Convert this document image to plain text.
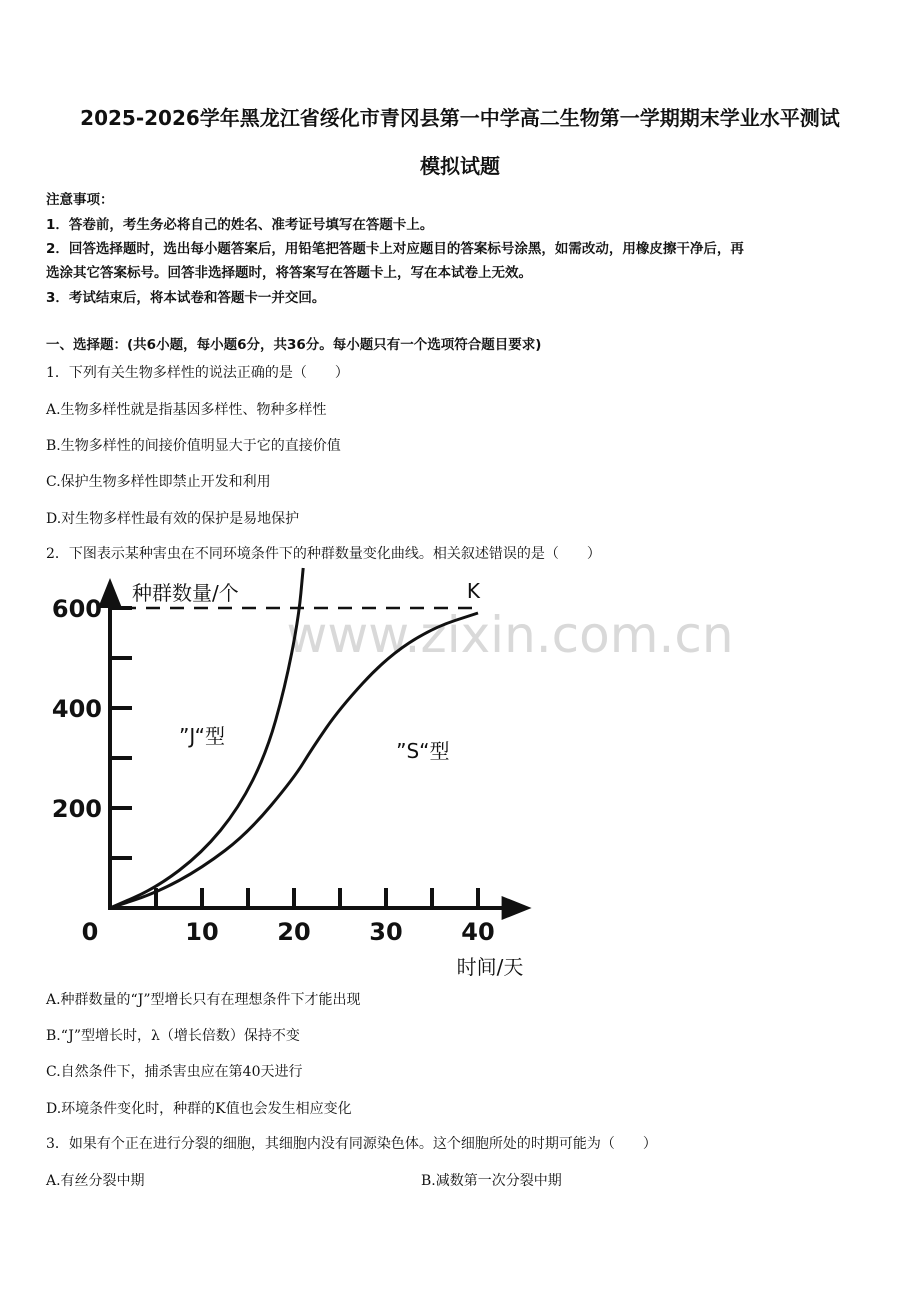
2025-2026学年黑龙江省绥化市青冈县第一中学高二生物第一学期期末学业水平测试
模拟试题
注意事项：
1．答卷前，考生务必将自己的姓名、准考证号填写在答题卡上。
2．回答选择题时，选出每小题答案后，用铅笔把答题卡上对应题目的答案标号涂黑，如需改动，用橡皮擦干净后，再
选涂其它答案标号。回答非选择题时，将答案写在答题卡上，写在本试卷上无效。
3．考试结束后，将本试卷和答题卡一并交回。
一、选择题：(共6小题，每小题6分，共36分。每小题只有一个选项符合题目要求)
1．下列有关生物多样性的说法正确的是（　　）
A.生物多样性就是指基因多样性、物种多样性
B.生物多样性的间接价值明显大于它的直接价值
C.保护生物多样性即禁止开发和利用
D.对生物多样性最有效的保护是易地保护
2．下图表示某种害虫在不同环境条件下的种群数量变化曲线。相关叙述错误的是（　　）
www.zixin.com.cn
200
400
600
0	10 20 30 40
种群数量/个
时间/天
K
”J“型
”S“型
A.种群数量的“J”型增长只有在理想条件下才能出现
B.“J”型增长时，λ（增长倍数）保持不变
C.自然条件下，捕杀害虫应在第40天进行
D.环境条件变化时，种群的K值也会发生相应变化
3．如果有个正在进行分裂的细胞，其细胞内没有同源染色体。这个细胞所处的时期可能为（　　）
A.有丝分裂中期	B.减数第一次分裂中期
